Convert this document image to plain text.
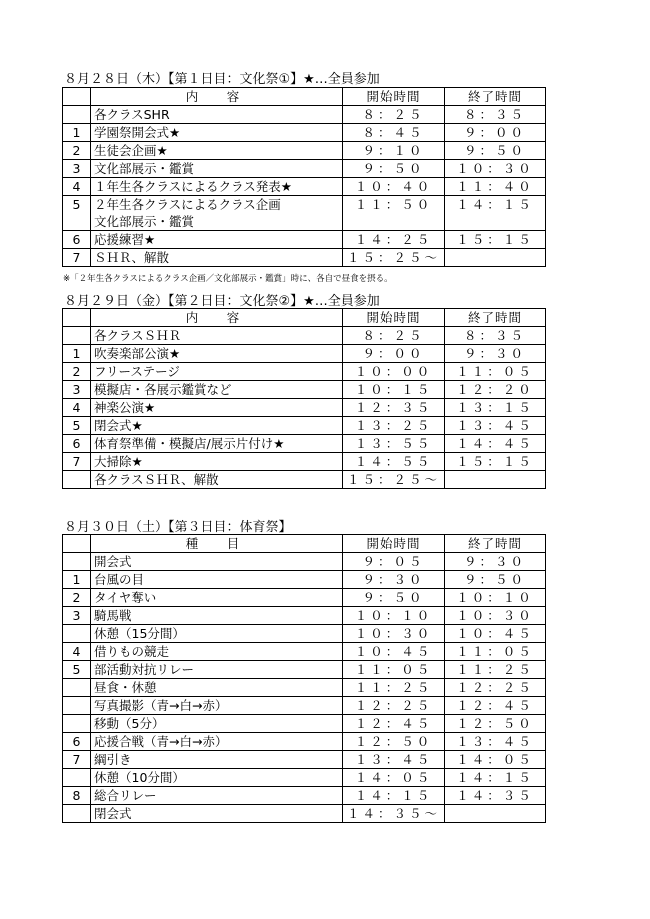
８月２８日（木）【第１日目：文化祭①】★…全員参加
	内　容	開始時間	終了時間

	各クラスSHR	８：２５	８：３５
1	学園祭開会式★	８：４５	９：００
2	生徒会企画★	９：１０	９：５０
3	文化部展示・鑑賞	９：５０	１０：３０
4	１年生各クラスによるクラス発表★	１０：４０	１１：４０
5	２年生各クラスによるクラス企画
文化部展示・鑑賞	１１：５０	１４：１５
6	応援練習★	１４：２５	１５：１５
7	ＳＨＲ、解散	１５：２５～	
※「２年生各クラスによるクラス企画／文化部展示・鑑賞」時に、各自で昼食を摂る。
８月２９日（金）【第２日目：文化祭②】★…全員参加
	内　容	開始時間	終了時間

	各クラスＳＨＲ	８：２５	８：３５
1	吹奏楽部公演★	９：００	９：３０
2	フリーステージ	１０：００	１１：０５
3	模擬店・各展示鑑賞など	１０：１５	１２：２０
4	神楽公演★	１２：３５	１３：１５
5	閉会式★	１３：２５	１３：４５
6	体育祭準備・模擬店/展示片付け★	１３：５５	１４：４５
7	大掃除★	１４：５５	１５：１５

	各クラスＳＨＲ、解散	１５：２５～	
８月３０日（土）【第３日目：体育祭】
	種　目	開始時間	終了時間

	開会式	９：０５	９：３０
1	台風の目	９：３０	９：５０
2	タイヤ奪い	９：５０	１０：１０
3	騎馬戦	１０：１０	１０：３０

	休憩（15分間）	１０：３０	１０：４５
4	借りもの競走	１０：４５	１１：０５
5	部活動対抗リレー	１１：０５	１１：２５

	昼食・休憩	１１：２５	１２：２５

	写真撮影（青→白→赤）	１２：２５	１２：４５

	移動（5分）	１２：４５	１２：５０
6	応援合戦（青→白→赤）	１２：５０	１３：４５
7	綱引き	１３：４５	１４：０５

	休憩（10分間）	１４：０５	１４：１５
8	総合リレー	１４：１５	１４：３５

	閉会式	１４：３５～	
